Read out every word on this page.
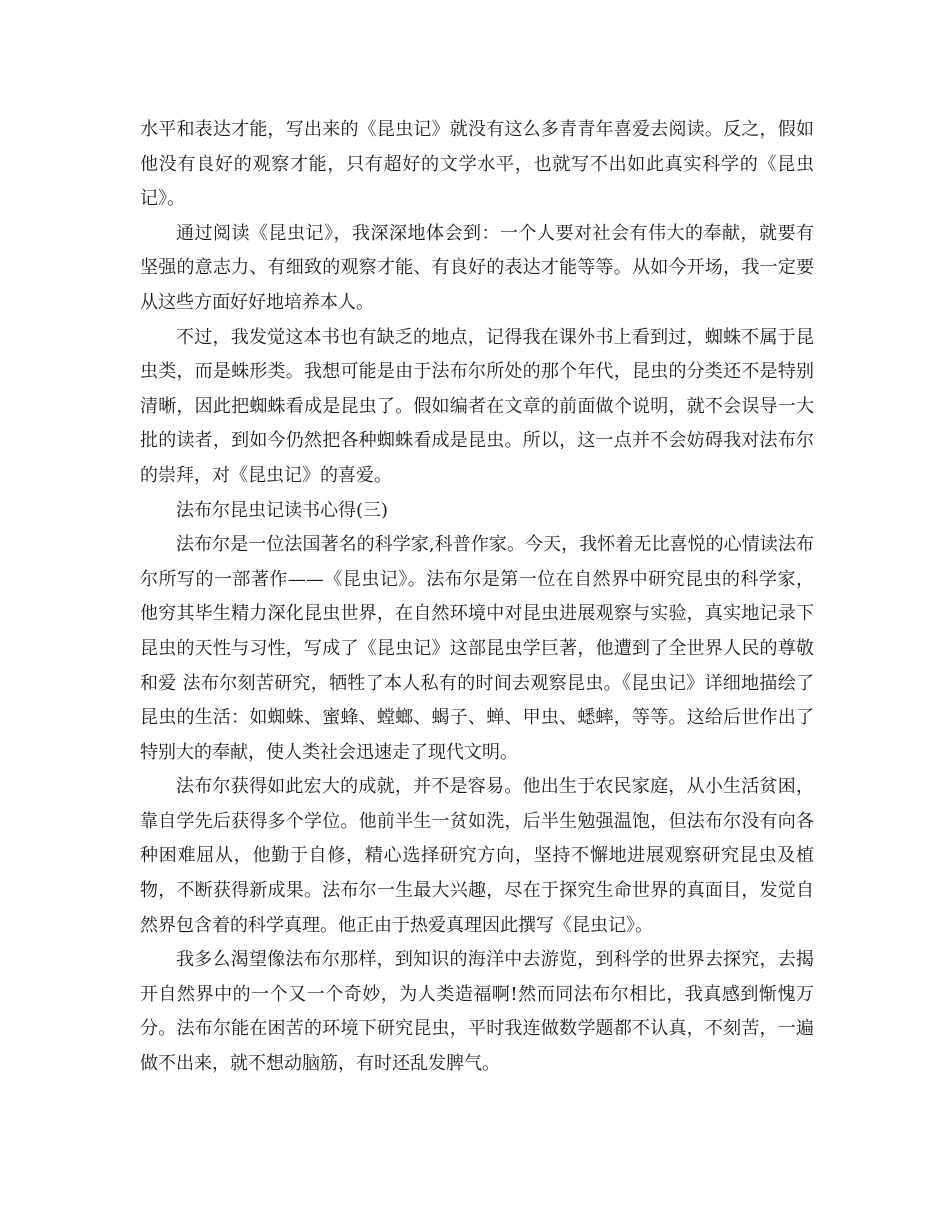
水平和表达才能，写出来的《昆虫记》就没有这么多青青年喜爱去阅读。反之，假如他没有良好的观察才能，只有超好的文学水平，也就写不出如此真实科学的《昆虫记》。

通过阅读《昆虫记》，我深深地体会到：一个人要对社会有伟大的奉献，就要有坚强的意志力、有细致的观察才能、有良好的表达才能等等。从如今开场，我一定要从这些方面好好地培养本人。

不过，我发觉这本书也有缺乏的地点，记得我在课外书上看到过，蜘蛛不属于昆虫类，而是蛛形类。我想可能是由于法布尔所处的那个年代，昆虫的分类还不是特别清晰，因此把蜘蛛看成是昆虫了。假如编者在文章的前面做个说明，就不会误导一大批的读者，到如今仍然把各种蜘蛛看成是昆虫。所以，这一点并不会妨碍我对法布尔的崇拜，对《昆虫记》的喜爱。

法布尔昆虫记读书心得(三)

法布尔是一位法国著名的科学家,科普作家。今天，我怀着无比喜悦的心情读法布尔所写的一部著作——《昆虫记》。法布尔是第一位在自然界中研究昆虫的科学家，他穷其毕生精力深化昆虫世界，在自然环境中对昆虫进展观察与实验，真实地记录下昆虫的天性与习性，写成了《昆虫记》这部昆虫学巨著，他遭到了全世界人民的尊敬和爱 法布尔刻苦研究，牺牲了本人私有的时间去观察昆虫。《昆虫记》详细地描绘了昆虫的生活：如蜘蛛、蜜蜂、螳螂、蝎子、蝉、甲虫、蟋蟀，等等。这给后世作出了特别大的奉献，使人类社会迅速走了现代文明。

法布尔获得如此宏大的成就，并不是容易。他出生于农民家庭，从小生活贫困，靠自学先后获得多个学位。他前半生一贫如洗，后半生勉强温饱，但法布尔没有向各种困难屈从，他勤于自修，精心选择研究方向，坚持不懈地进展观察研究昆虫及植物，不断获得新成果。法布尔一生最大兴趣，尽在于探究生命世界的真面目，发觉自然界包含着的科学真理。他正由于热爱真理因此撰写《昆虫记》。

我多么渴望像法布尔那样，到知识的海洋中去游览，到科学的世界去探究，去揭开自然界中的一个又一个奇妙，为人类造福啊!然而同法布尔相比，我真感到惭愧万分。法布尔能在困苦的环境下研究昆虫，平时我连做数学题都不认真，不刻苦，一遍做不出来，就不想动脑筋，有时还乱发脾气。
